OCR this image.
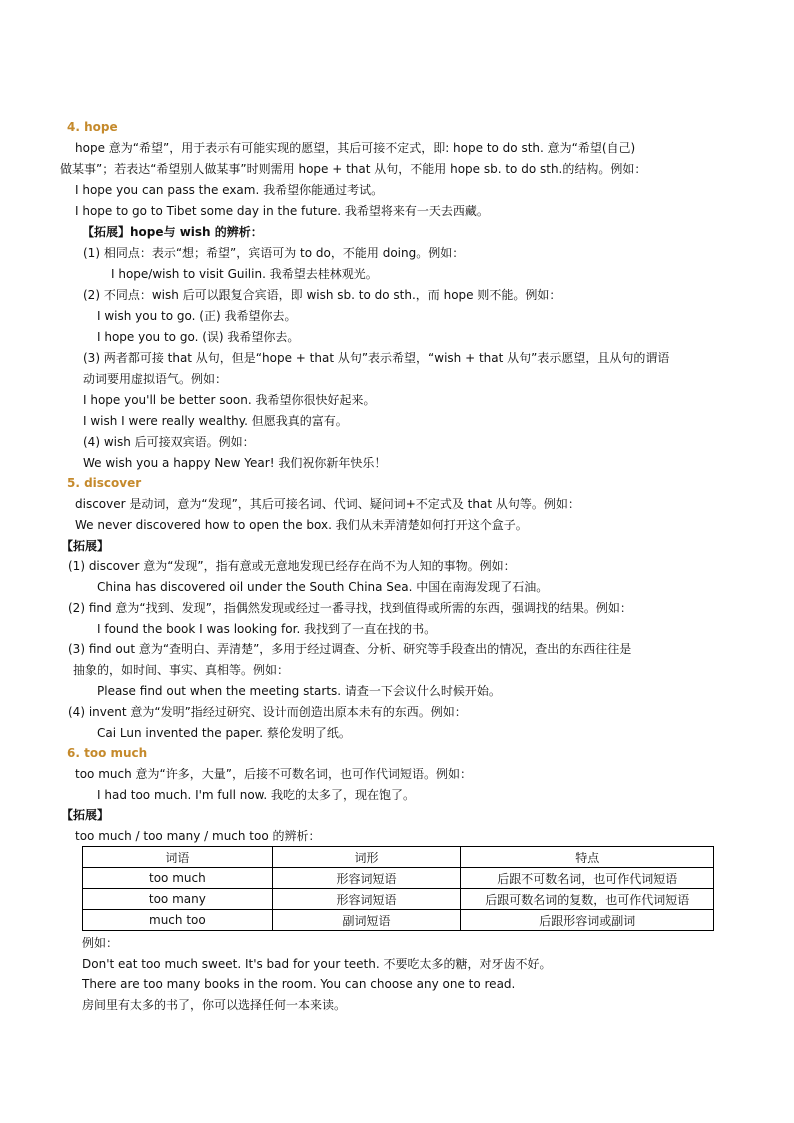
4. hope
hope 意为“希望”，用于表示有可能实现的愿望，其后可接不定式，即: hope to do sth. 意为“希望(自己)
做某事”；若表达“希望别人做某事”时则需用 hope + that 从句，不能用 hope sb. to do sth.的结构。例如：
I hope you can pass the exam. 我希望你能通过考试。
I hope to go to Tibet some day in the future. 我希望将来有一天去西藏。
【拓展】hope与 wish 的辨析：
(1) 相同点：表示“想；希望”，宾语可为 to do，不能用 doing。例如：
I hope/wish to visit Guilin. 我希望去桂林观光。
(2) 不同点：wish 后可以跟复合宾语，即 wish sb. to do sth.，而 hope 则不能。例如：
I wish you to go. (正) 我希望你去。
I hope you to go. (误) 我希望你去。
(3) 两者都可接 that 从句，但是“hope + that 从句”表示希望，“wish + that 从句”表示愿望，且从句的谓语
动词要用虚拟语气。例如：
I hope you'll be better soon. 我希望你很快好起来。
I wish I were really wealthy. 但愿我真的富有。
(4) wish 后可接双宾语。例如：
We wish you a happy New Year! 我们祝你新年快乐！
5. discover
discover 是动词，意为“发现”，其后可接名词、代词、疑问词+不定式及 that 从句等。例如：
We never discovered how to open the box. 我们从未弄清楚如何打开这个盒子。
【拓展】
(1) discover 意为“发现”，指有意或无意地发现已经存在尚不为人知的事物。例如：
China has discovered oil under the South China Sea. 中国在南海发现了石油。
(2) find 意为“找到、发现”，指偶然发现或经过一番寻找，找到值得或所需的东西，强调找的结果。例如：
I found the book I was looking for. 我找到了一直在找的书。
(3) find out 意为“查明白、弄清楚”，多用于经过调查、分析、研究等手段查出的情况，查出的东西往往是
抽象的，如时间、事实、真相等。例如：
Please find out when the meeting starts. 请查一下会议什么时候开始。
(4) invent 意为“发明”指经过研究、设计而创造出原本未有的东西。例如：
Cai Lun invented the paper. 蔡伦发明了纸。
6. too much
too much 意为“许多，大量”，后接不可数名词，也可作代词短语。例如：
I had too much. I'm full now. 我吃的太多了，现在饱了。
【拓展】
too much / too many / much too 的辨析：
词语	词形	特点
too much	形容词短语	后跟不可数名词，也可作代词短语
too many	形容词短语	后跟可数名词的复数，也可作代词短语
much too	副词短语	后跟形容词或副词
例如：
Don't eat too much sweet. It's bad for your teeth. 不要吃太多的糖，对牙齿不好。
There are too many books in the room. You can choose any one to read.
房间里有太多的书了，你可以选择任何一本来读。
